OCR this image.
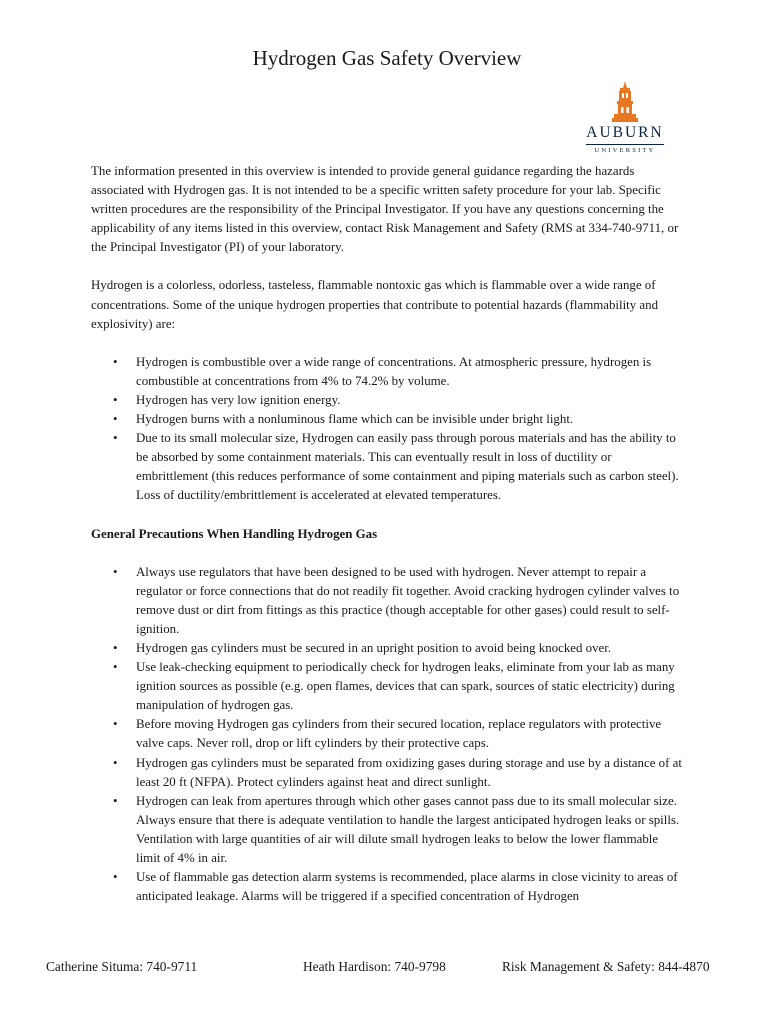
Hydrogen Gas Safety Overview
AUBURN
UNIVERSITY

The information presented in this overview is intended to provide general guidance regarding the hazards associated with Hydrogen gas. It is not intended to be a specific written safety procedure for your lab. Specific written procedures are the responsibility of the Principal Investigator. If you have any questions concerning the applicability of any items listed in this overview, contact Risk Management and Safety (RMS at 334-740-9711, or the Principal Investigator (PI) of your laboratory.

Hydrogen is a colorless, odorless, tasteless, flammable nontoxic gas which is flammable over a wide range of concentrations. Some of the unique hydrogen properties that contribute to potential hazards (flammability and explosivity) are:

• Hydrogen is combustible over a wide range of concentrations. At atmospheric pressure, hydrogen is combustible at concentrations from 4% to 74.2% by volume.
• Hydrogen has very low ignition energy.
• Hydrogen burns with a nonluminous flame which can be invisible under bright light.
• Due to its small molecular size, Hydrogen can easily pass through porous materials and has the ability to be absorbed by some containment materials. This can eventually result in loss of ductility or embrittlement (this reduces performance of some containment and piping materials such as carbon steel). Loss of ductility/embrittlement is accelerated at elevated temperatures.

General Precautions When Handling Hydrogen Gas

• Always use regulators that have been designed to be used with hydrogen. Never attempt to repair a regulator or force connections that do not readily fit together. Avoid cracking hydrogen cylinder valves to remove dust or dirt from fittings as this practice (though acceptable for other gases) could result to self-ignition.
• Hydrogen gas cylinders must be secured in an upright position to avoid being knocked over.
• Use leak-checking equipment to periodically check for hydrogen leaks, eliminate from your lab as many ignition sources as possible (e.g. open flames, devices that can spark, sources of static electricity) during manipulation of hydrogen gas.
• Before moving Hydrogen gas cylinders from their secured location, replace regulators with protective valve caps. Never roll, drop or lift cylinders by their protective caps.
• Hydrogen gas cylinders must be separated from oxidizing gases during storage and use by a distance of at least 20 ft (NFPA). Protect cylinders against heat and direct sunlight.
• Hydrogen can leak from apertures through which other gases cannot pass due to its small molecular size. Always ensure that there is adequate ventilation to handle the largest anticipated hydrogen leaks or spills. Ventilation with large quantities of air will dilute small hydrogen leaks to below the lower flammable limit of 4% in air.
• Use of flammable gas detection alarm systems is recommended, place alarms in close vicinity to areas of anticipated leakage. Alarms will be triggered if a specified concentration of Hydrogen
Catherine Situma: 740-9711	Heath Hardison: 740-9798	Risk Management & Safety: 844-4870
